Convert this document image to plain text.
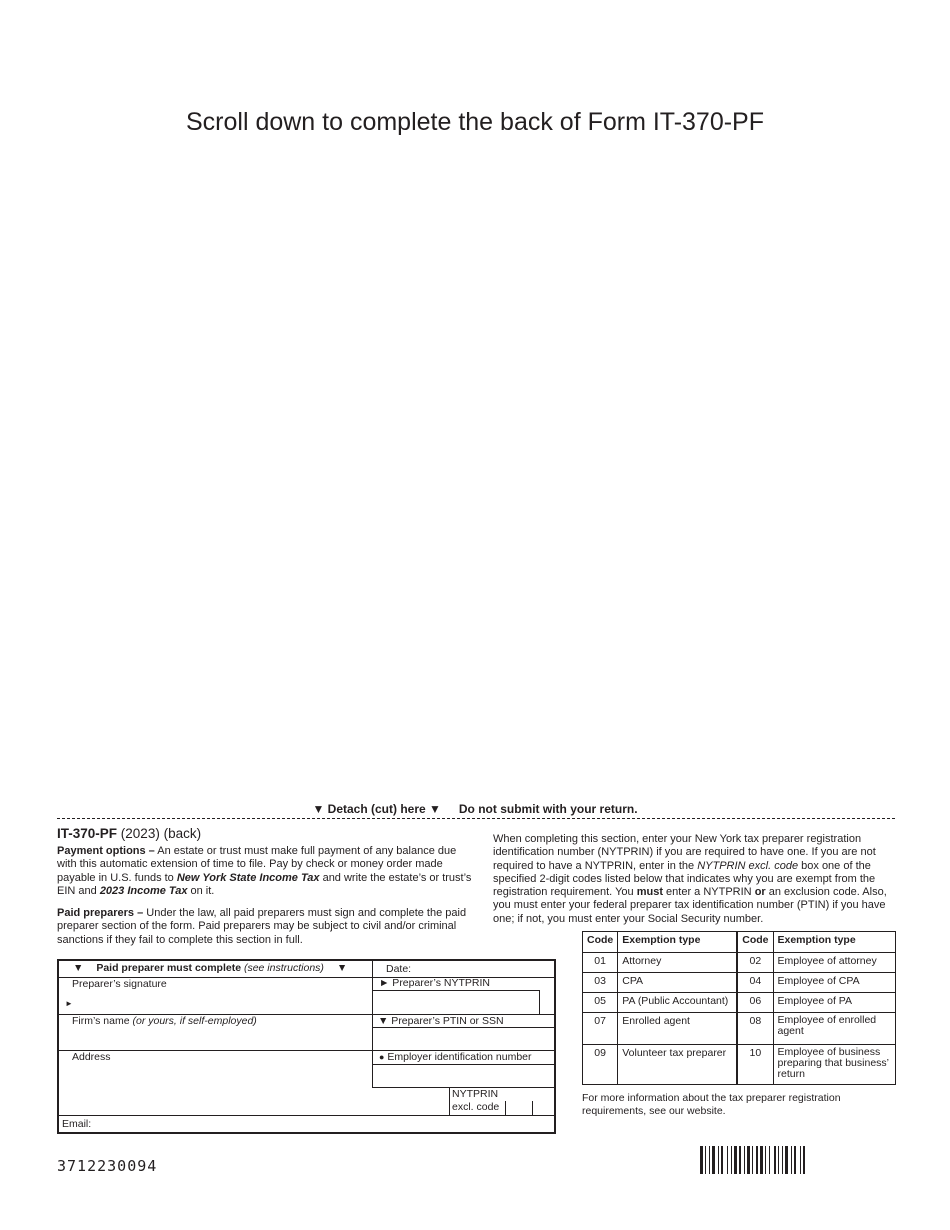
Scroll down to complete the back of Form IT-370-PF
▼ Detach (cut) here ▼ Do not submit with your return.
IT-370-PF (2023) (back)
Payment options – An estate or trust must make full payment of any balance due with this automatic extension of time to file. Pay by check or money order made payable in U.S. funds to New York State Income Tax and write the estate’s or trust’s EIN and 2023 Income Tax on it.
Paid preparers – Under the law, all paid preparers must sign and complete the paid preparer section of the form. Paid preparers may be subject to civil and/or criminal sanctions if they fail to complete this section in full.
When completing this section, enter your New York tax preparer registration identification number (NYTPRIN) if you are required to have one. If you are not required to have a NYTPRIN, enter in the NYTPRIN excl. code box one of the specified 2-digit codes listed below that indicates why you are exempt from the registration requirement. You must enter a NYTPRIN or an exclusion code. Also, you must enter your federal preparer tax identification number (PTIN) if you have one; if not, you must enter your Social Security number.
▼ Paid preparer must complete (see instructions) ▼	Date:
Preparer’s signature
►
► Preparer’s NYTPRIN
Firm’s name (or yours, if self-employed)	▼ Preparer’s PTIN or SSN
Address	● Employer identification number
NYTPRIN
excl. code
Email:
Code	Exemption type	Code	Exemption type
01	Attorney	02	Employee of attorney
03	CPA	04	Employee of CPA
05	PA (Public Accountant)	06	Employee of PA
07	Enrolled agent	08	Employee of enrolled agent
09	Volunteer tax preparer	10	Employee of business preparing that business’ return
For more information about the tax preparer registration requirements, see our website.
3712230094
